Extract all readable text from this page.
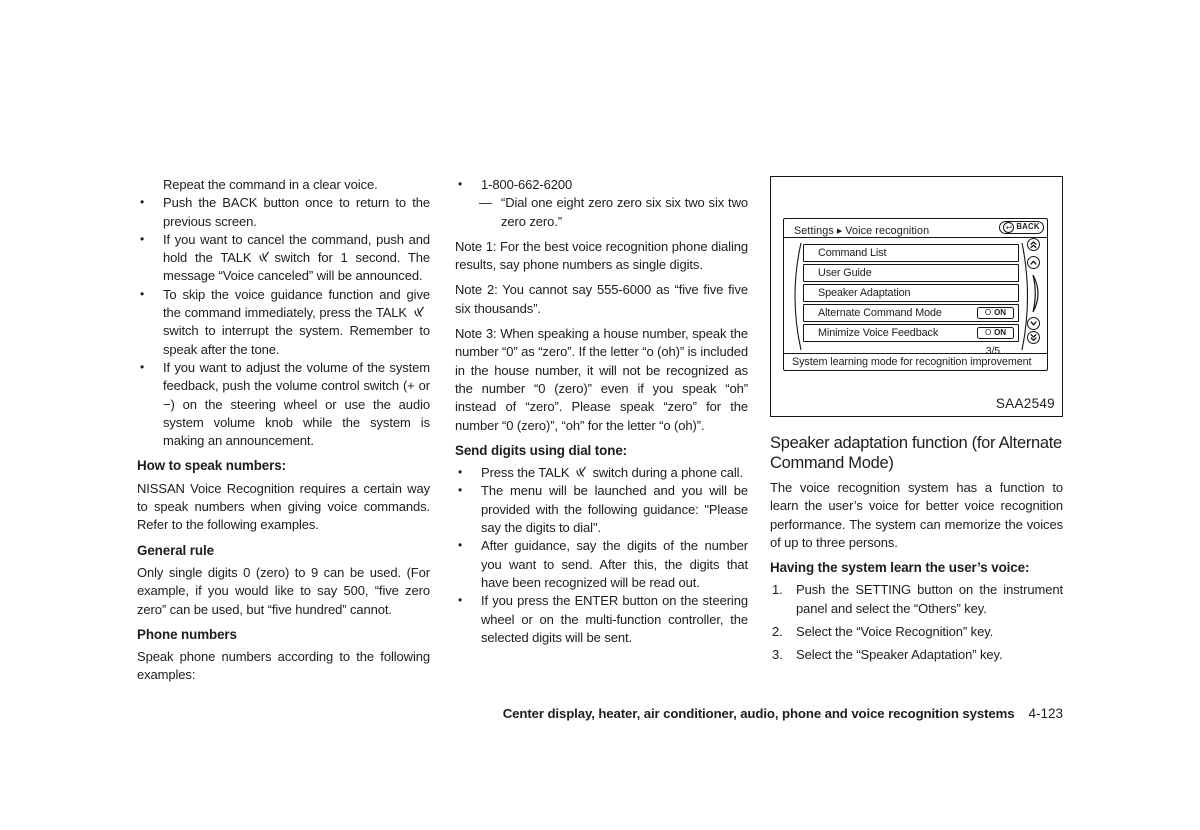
Repeat the command in a clear voice.
• Push the BACK button once to return to the previous screen.
• If you want to cancel the command, push and hold the TALK switch for 1 second. The message “Voice canceled” will be announced.
• To skip the voice guidance function and give the command immediately, press the TALKswitch to interrupt the system. Remember to speak after the tone.
• If you want to adjust the volume of the system feedback, push the volume control switch (+ or −) on the steering wheel or use the audio system volume knob while the system is making an announcement.
How to speak numbers:

NISSAN Voice Recognition requires a certain way to speak numbers when giving voice commands. Refer to the following examples.

General rule

Only single digits 0 (zero) to 9 can be used. (For example, if you would like to say 500, “five zero zero” can be used, but “five hundred” cannot.

Phone numbers

Speak phone numbers according to the following examples:

• 1-800-662-6200
— “Dial one eight zero zero six six two six two zero zero.”

Note 1: For the best voice recognition phone dialing results, say phone numbers as single digits.

Note 2: You cannot say 555-6000 as “five five five six thousands”.

Note 3: When speaking a house number, speak the number “0” as “zero”. If the letter “o (oh)” is included in the house number, it will not be recognized as the number “0 (zero)” even if you speak “oh” instead of “zero”. Please speak “zero” for the number “0 (zero)”, “oh” for the letter “o (oh)”.

Send digits using dial tone:
• Press the TALK switch during a phone call.
• The menu will be launched and you will be provided with the following guidance: "Please say the digits to dial".
• After guidance, say the digits of the number you want to send. After this, the digits that have been recognized will be read out.
• If you press the ENTER button on the steering wheel or on the multi-function controller, the selected digits will be sent.
Settings ▶ Voice recognition	↩ BACK
Command List
User Guide
Speaker Adaptation
Alternate Command Mode	O ON
Minimize Voice Feedback	O ON
3/5
System learning mode for recognition improvement
SAA2549
Speaker adaptation function (for Alternate Command Mode)

The voice recognition system has a function to learn the user’s voice for better voice recognition performance. The system can memorize the voices of up to three persons.

Having the system learn the user’s voice:
1. Push the SETTING button on the instrument panel and select the “Others” key.
2. Select the “Voice Recognition” key.
3. Select the “Speaker Adaptation” key.
Center display, heater, air conditioner, audio, phone and voice recognition systems 4-123
